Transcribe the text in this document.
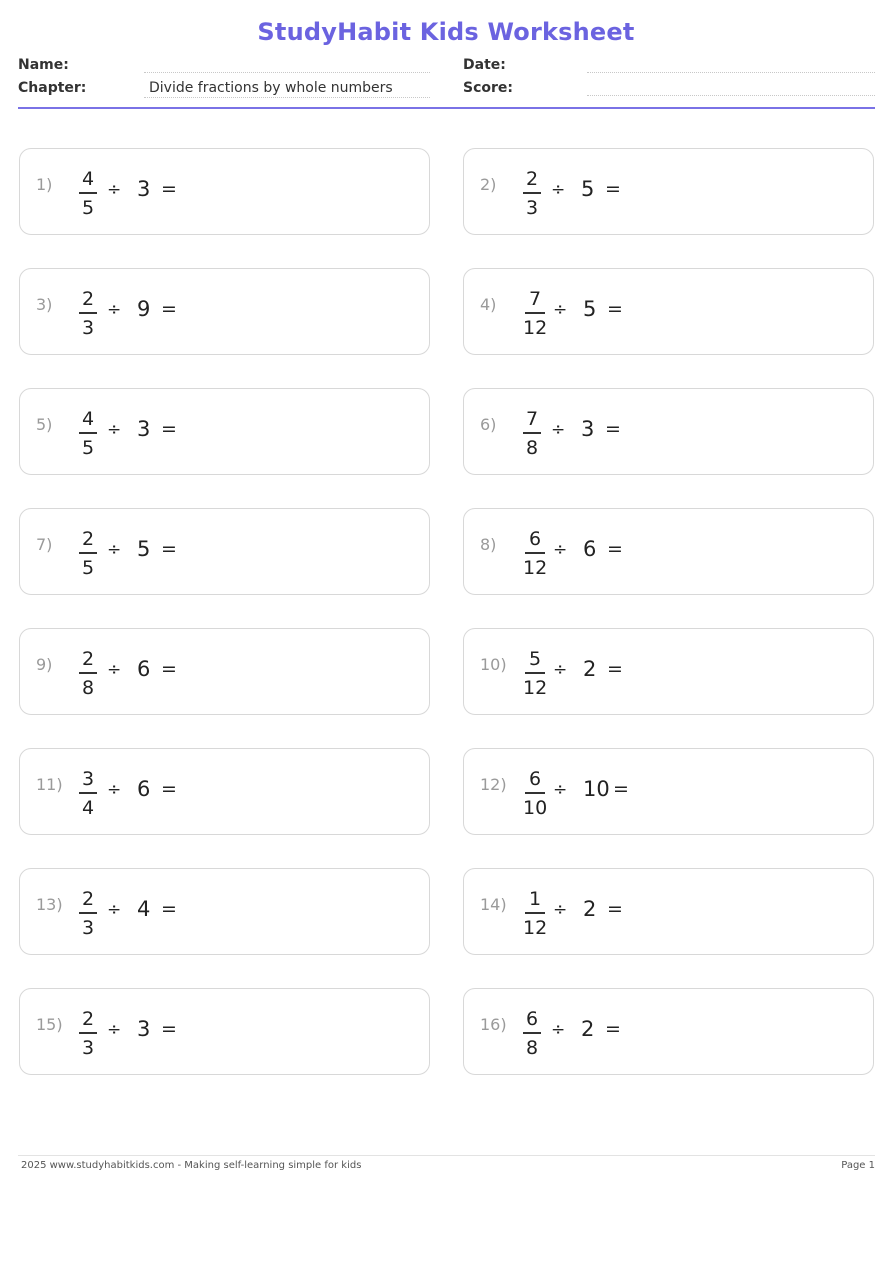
StudyHabit Kids Worksheet
Name:	Date:
Chapter:	Divide fractions by whole numbers	Score:
1) 4
5
÷ 3 =	2) 2
3
÷ 5 =
3) 2
3
÷ 9 =	4)	7
12
÷ 5 =
5) 4
5
÷ 3 =	6) 7
8
÷ 3 =
7) 2
5
÷ 5 =	8)	6
12
÷ 6 =
9) 2
8
÷ 6 =	10)	5
12
÷ 2 =
11) 3
4
÷ 6 =	12)	6
10
÷ 10 =
13) 2
3
÷ 4 =	14)	1
12
÷ 2 =
15) 2
3
÷ 3 =	16) 6
8
÷ 2 =
2025 www.studyhabitkids.com - Making self-learning simple for kids	Page 1
